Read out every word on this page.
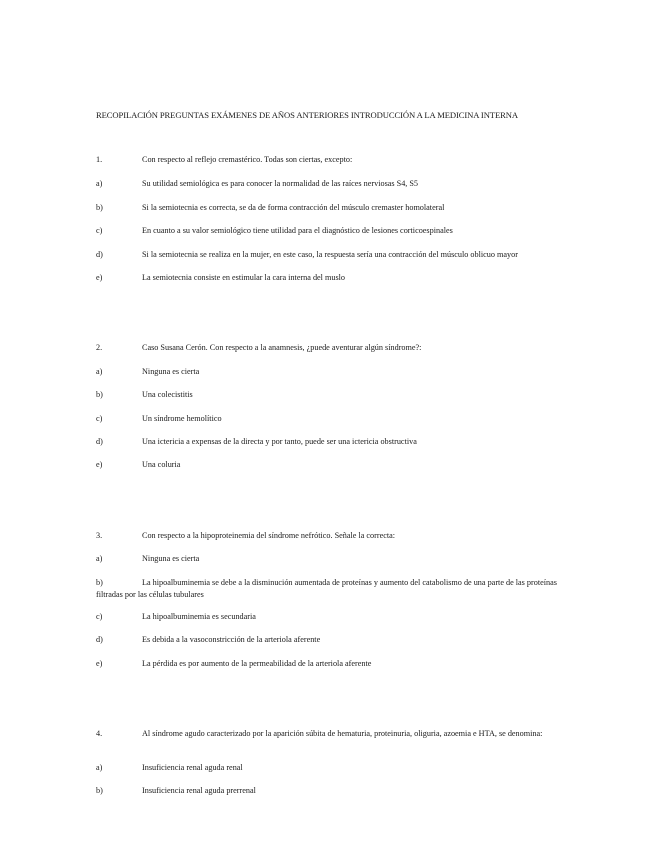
RECOPILACIÓN PREGUNTAS EXÁMENES DE AÑOS ANTERIORES INTRODUCCIÓN A LA MEDICINA INTERNA
1.	Con respecto al reflejo cremastérico. Todas son ciertas, excepto:
a)	Su utilidad semiológica es para conocer la normalidad de las raíces nerviosas S4, S5
b)	Si la semiotecnia es correcta, se da de forma contracción del músculo cremaster homolateral
c)	En cuanto a su valor semiológico tiene utilidad para el diagnóstico de lesiones corticoespinales
d)	Si la semiotecnia se realiza en la mujer, en este caso, la respuesta sería una contracción del músculo oblicuo mayor
e)	La semiotecnia consiste en estimular la cara interna del muslo
2.	Caso Susana Cerón. Con respecto a la anamnesis, ¿puede aventurar algún síndrome?:
a)	Ninguna es cierta
b)	Una colecistitis
c)	Un síndrome hemolítico
d)	Una ictericia a expensas de la directa y por tanto, puede ser una ictericia obstructiva
e)	Una coluria
3.	Con respecto a la hipoproteinemia del síndrome nefrótico. Señale la correcta:
a)	Ninguna es cierta
b)	La hipoalbuminemia se debe a la disminución aumentada de proteínas y aumento del catabolismo de una parte de las proteínas filtradas por las células tubulares
c)	La hipoalbuminemia es secundaria
d)	Es debida a la vasoconstricción de la arteriola aferente
e)	La pérdida es por aumento de la permeabilidad de la arteriola aferente
4.	Al síndrome agudo caracterizado por la aparición súbita de hematuria, proteinuria, oliguria, azoemia e HTA, se denomina:
a)	Insuficiencia renal aguda renal
b)	Insuficiencia renal aguda prerrenal
